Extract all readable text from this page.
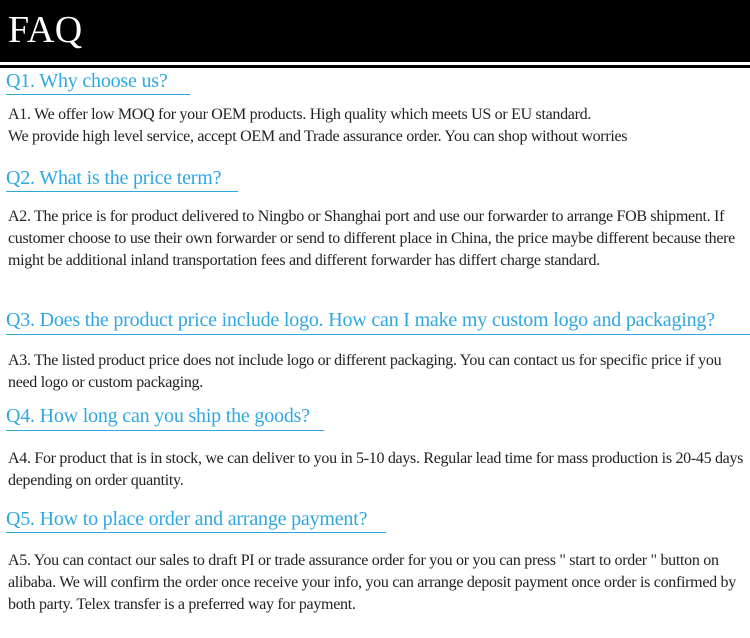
FAQ
Q1. Why choose us?

A1. We offer low MOQ for your OEM products. High quality which meets US or EU standard.

We provide high level service, accept OEM and Trade assurance order. You can shop without worries

Q2. What is the price term?

A2. The price is for product delivered to Ningbo or Shanghai port and use our forwarder to arrange FOB shipment. If customer choose to use their own forwarder or send to different place in China, the price maybe different because there might be additional inland transportation fees and different forwarder has differt charge standard.

Q3. Does the product price include logo. How can I make my custom logo and packaging?

A3. The listed product price does not include logo or different packaging. You can contact us for specific price if you need logo or custom packaging.

Q4. How long can you ship the goods?

A4. For product that is in stock, we can deliver to you in 5-10 days. Regular lead time for mass production is 20-45 days depending on order quantity.

Q5. How to place order and arrange payment?

A5. You can contact our sales to draft PI or trade assurance order for you or you can press " start to order " button on alibaba. We will confirm the order once receive your info, you can arrange deposit payment once order is confirmed by both party. Telex transfer is a preferred way for payment.
